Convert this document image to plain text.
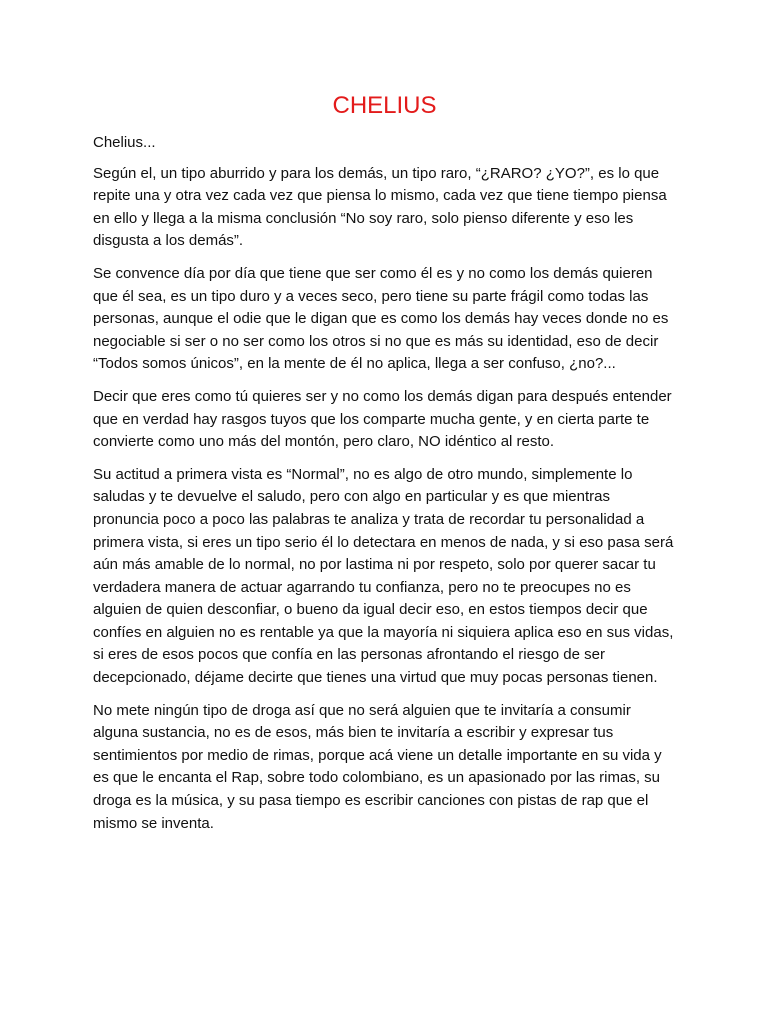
CHELIUS

Chelius...

Según el, un tipo aburrido y para los demás, un tipo raro, “¿RARO? ¿YO?”, es lo que repite una y otra vez cada vez que piensa lo mismo, cada vez que tiene tiempo piensa en ello y llega a la misma conclusión “No soy raro, solo pienso diferente y eso les disgusta a los demás”.

Se convence día por día que tiene que ser como él es y no como los demás quieren que él sea, es un tipo duro y a veces seco, pero tiene su parte frágil como todas las personas, aunque el odie que le digan que es como los demás hay veces donde no es negociable si ser o no ser como los otros si no que es más su identidad, eso de decir “Todos somos únicos”, en la mente de él no aplica, llega a ser confuso, ¿no?...

Decir que eres como tú quieres ser y no como los demás digan para después entender que en verdad hay rasgos tuyos que los comparte mucha gente, y en cierta parte te convierte como uno más del montón, pero claro, NO idéntico al resto.

Su actitud a primera vista es “Normal”, no es algo de otro mundo, simplemente lo saludas y te devuelve el saludo, pero con algo en particular y es que mientras pronuncia poco a poco las palabras te analiza y trata de recordar tu personalidad a primera vista, si eres un tipo serio él lo detectara en menos de nada, y si eso pasa será aún más amable de lo normal, no por lastima ni por respeto, solo por querer sacar tu verdadera manera de actuar agarrando tu confianza, pero no te preocupes no es alguien de quien desconfiar, o bueno da igual decir eso, en estos tiempos decir que confíes en alguien no es rentable ya que la mayoría ni siquiera aplica eso en sus vidas, si eres de esos pocos que confía en las personas afrontando el riesgo de ser decepcionado, déjame decirte que tienes una virtud que muy pocas personas tienen.

No mete ningún tipo de droga así que no será alguien que te invitaría a consumir alguna sustancia, no es de esos, más bien te invitaría a escribir y expresar tus sentimientos por medio de rimas, porque acá viene un detalle importante en su vida y es que le encanta el Rap, sobre todo colombiano, es un apasionado por las rimas, su droga es la música, y su pasa tiempo es escribir canciones con pistas de rap que el mismo se inventa.
